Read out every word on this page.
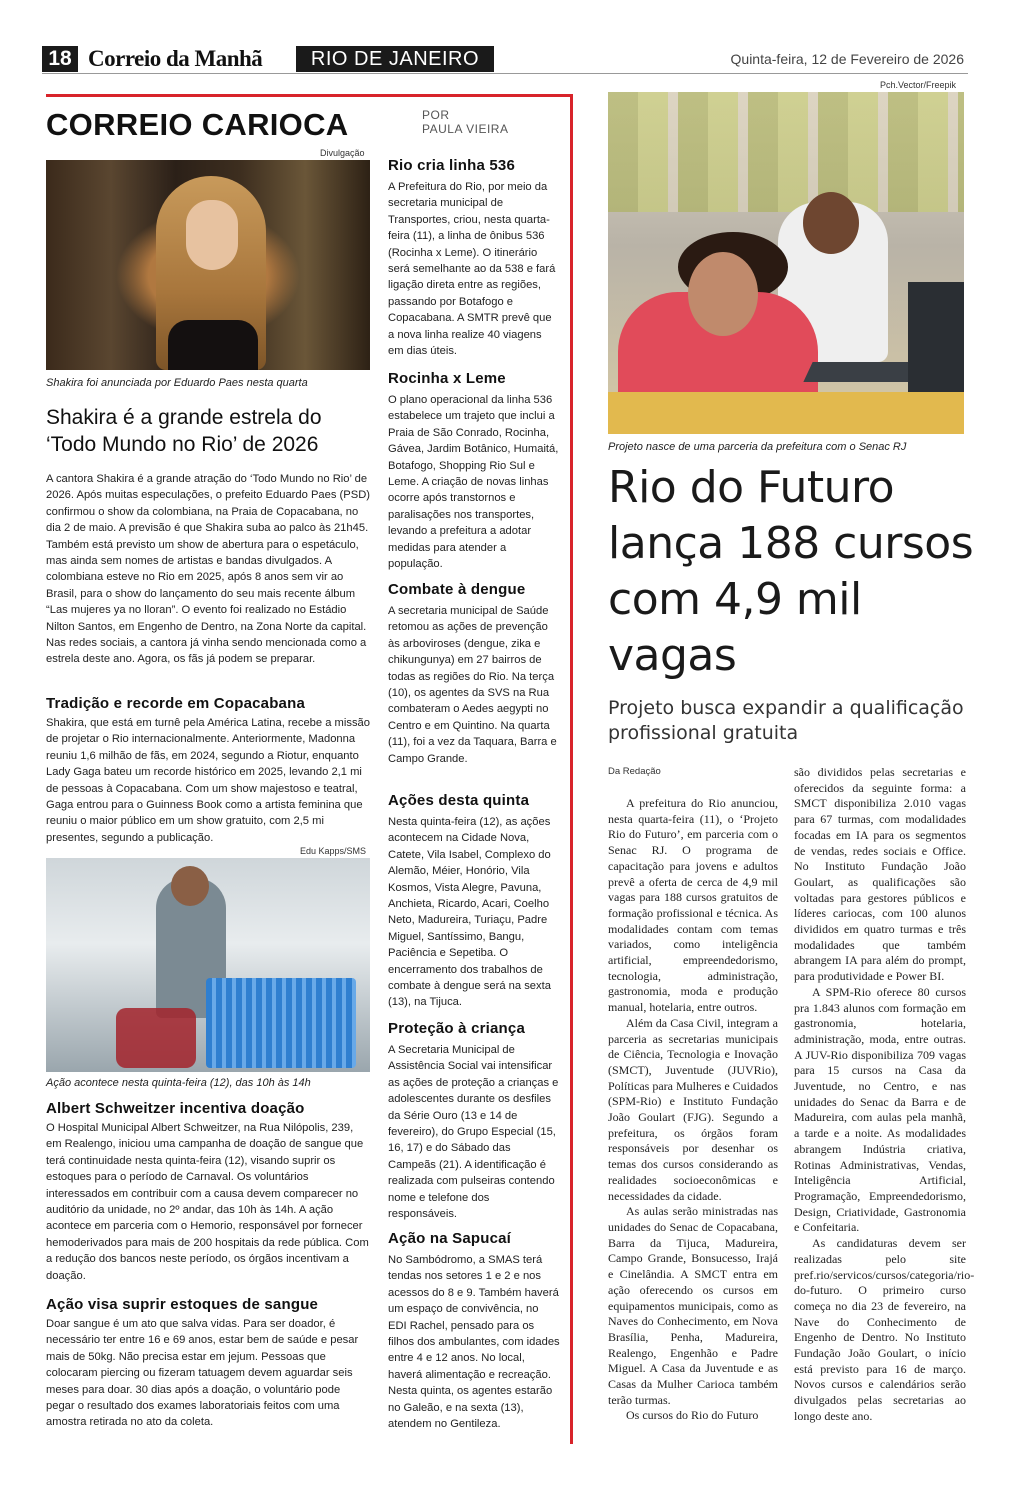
18 Correio da Manhã	RIO DE JANEIRO	Quinta-feira, 12 de Fevereiro de 2026
CORREIO CARIOCA	POR
PAULA VIEIRA
Divulgação
Shakira foi anunciada por Eduardo Paes nesta quarta
Shakira é a grande estrela do ‘Todo Mundo no Rio’ de 2026
A cantora Shakira é a grande atração do ‘Todo Mundo no Rio’ de 2026. Após muitas especulações, o prefeito Eduardo Paes (PSD) confirmou o show da colombiana, na Praia de Copacabana, no dia 2 de maio. A previsão é que Shakira suba ao palco às 21h45. Também está previsto um show de abertura para o espetáculo, mas ainda sem nomes de artistas e bandas divulgados. A colombiana esteve no Rio em 2025, após 8 anos sem vir ao Brasil, para o show do lançamento do seu mais recente álbum “Las mujeres ya no lloran”. O evento foi realizado no Estádio Nilton Santos, em Engenho de Dentro, na Zona Norte da capital. Nas redes sociais, a cantora já vinha sendo mencionada como a estrela deste ano. Agora, os fãs já podem se preparar.
Tradição e recorde em Copacabana
Shakira, que está em turnê pela América Latina, recebe a missão de projetar o Rio internacionalmente. Anteriormente, Madonna reuniu 1,6 milhão de fãs, em 2024, segundo a Riotur, enquanto Lady Gaga bateu um recorde histórico em 2025, levando 2,1 mi de pessoas à Copacabana. Com um show majestoso e teatral, Gaga entrou para o Guinness Book como a artista feminina que reuniu o maior público em um show gratuito, com 2,5 mi presentes, segundo a publicação.
Edu Kapps/SMS
Ação acontece nesta quinta-feira (12), das 10h às 14h
Albert Schweitzer incentiva doação
O Hospital Municipal Albert Schweitzer, na Rua Nilópolis, 239, em Realengo, iniciou uma campanha de doação de sangue que terá continuidade nesta quinta-feira (12), visando suprir os estoques para o período de Carnaval. Os voluntários interessados em contribuir com a causa devem comparecer no auditório da unidade, no 2º andar, das 10h às 14h. A ação acontece em parceria com o Hemorio, responsável por fornecer hemoderivados para mais de 200 hospitais da rede pública. Com a redução dos bancos neste período, os órgãos incentivam a doação.
Ação visa suprir estoques de sangue
Doar sangue é um ato que salva vidas. Para ser doador, é necessário ter entre 16 e 69 anos, estar bem de saúde e pesar mais de 50kg. Não precisa estar em jejum. Pessoas que colocaram piercing ou fizeram tatuagem devem aguardar seis meses para doar. 30 dias após a doação, o voluntário pode pegar o resultado dos exames laboratoriais feitos com uma amostra retirada no ato da coleta.
Rio cria linha 536
A Prefeitura do Rio, por meio da secretaria municipal de Transportes, criou, nesta quarta-feira (11), a linha de ônibus 536 (Rocinha x Leme). O itinerário será semelhante ao da 538 e fará ligação direta entre as regiões, passando por Botafogo e Copacabana. A SMTR prevê que a nova linha realize 40 viagens em dias úteis.
Rocinha x Leme
O plano operacional da linha 536 estabelece um trajeto que inclui a Praia de São Conrado, Rocinha, Gávea, Jardim Botânico, Humaitá, Botafogo, Shopping Rio Sul e Leme. A criação de novas linhas ocorre após transtornos e paralisações nos transportes, levando a prefeitura a adotar medidas para atender a população.
Combate à dengue
A secretaria municipal de Saúde retomou as ações de prevenção às arboviroses (dengue, zika e chikungunya) em 27 bairros de todas as regiões do Rio. Na terça (10), os agentes da SVS na Rua combateram o Aedes aegypti no Centro e em Quintino. Na quarta (11), foi a vez da Taquara, Barra e Campo Grande.
Ações desta quinta
Nesta quinta-feira (12), as ações acontecem na Cidade Nova, Catete, Vila Isabel, Complexo do Alemão, Méier, Honório, Vila Kosmos, Vista Alegre, Pavuna, Anchieta, Ricardo, Acari, Coelho Neto, Madureira, Turiaçu, Padre Miguel, Santíssimo, Bangu, Paciência e Sepetiba. O encerramento dos trabalhos de combate à dengue será na sexta (13), na Tijuca.
Proteção à criança
A Secretaria Municipal de Assistência Social vai intensificar as ações de proteção a crianças e adolescentes durante os desfiles da Série Ouro (13 e 14 de fevereiro), do Grupo Especial (15, 16, 17) e do Sábado das Campeãs (21). A identificação é realizada com pulseiras contendo nome e telefone dos responsáveis.
Ação na Sapucaí
No Sambódromo, a SMAS terá tendas nos setores 1 e 2 e nos acessos do 8 e 9. Também haverá um espaço de convivência, no EDI Rachel, pensado para os filhos dos ambulantes, com idades entre 4 e 12 anos. No local, haverá alimentação e recreação. Nesta quinta, os agentes estarão no Galeão, e na sexta (13), atendem no Gentileza.
Pch.Vector/Freepik
Projeto nasce de uma parceria da prefeitura com o Senac RJ
Rio do Futuro lança 188 cursos com 4,9 mil vagas
Projeto busca expandir a qualificação profissional gratuita
Da Redação

A prefeitura do Rio anunciou, nesta quarta-feira (11), o ‘Projeto Rio do Futuro’, em parceria com o Senac RJ. O programa de capacitação para jovens e adultos prevê a oferta de cerca de 4,9 mil vagas para 188 cursos gratuitos de formação profissional e técnica. As modalidades contam com temas variados, como inteligência artificial, empreendedorismo, tecnologia, administração, gastronomia, moda e produção manual, hotelaria, entre outros.

Além da Casa Civil, integram a parceria as secretarias municipais de Ciência, Tecnologia e Inovação (SMCT), Juventude (JUVRio), Políticas para Mulheres e Cuidados (SPM-Rio) e Instituto Fundação João Goulart (FJG). Segundo a prefeitura, os órgãos foram responsáveis por desenhar os temas dos cursos considerando as realidades socioeconômicas e necessidades da cidade.

As aulas serão ministradas nas unidades do Senac de Copacabana, Barra da Tijuca, Madureira, Campo Grande, Bonsucesso, Irajá e Cinelândia. A SMCT entra em ação oferecendo os cursos em equipamentos municipais, como as Naves do Conhecimento, em Nova Brasília, Penha, Madureira, Realengo, Engenhão e Padre Miguel. A Casa da Juventude e as Casas da Mulher Carioca também terão turmas.

Os cursos do Rio do Futuro

são divididos pelas secretarias e oferecidos da seguinte forma: a SMCT disponibiliza 2.010 vagas para 67 turmas, com modalidades focadas em IA para os segmentos de vendas, redes sociais e Office. No Instituto Fundação João Goulart, as qualificações são voltadas para gestores públicos e líderes cariocas, com 100 alunos divididos em quatro turmas e três modalidades que também abrangem IA para além do prompt, para produtividade e Power BI.

A SPM-Rio oferece 80 cursos pra 1.843 alunos com formação em gastronomia, hotelaria, administração, moda, entre outras. A JUV-Rio disponibiliza 709 vagas para 15 cursos na Casa da Juventude, no Centro, e nas unidades do Senac da Barra e de Madureira, com aulas pela manhã, a tarde e a noite. As modalidades abrangem Indústria criativa, Rotinas Administrativas, Vendas, Inteligência Artificial, Programação, Empreendedorismo, Design, Criatividade, Gastronomia e Confeitaria.

As candidaturas devem ser realizadas pelo site pref.rio/servicos/cursos/categoria/rio-do-futuro. O primeiro curso começa no dia 23 de fevereiro, na Nave do Conhecimento de Engenho de Dentro. No Instituto Fundação João Goulart, o início está previsto para 16 de março. Novos cursos e calendários serão divulgados pelas secretarias ao longo deste ano.
